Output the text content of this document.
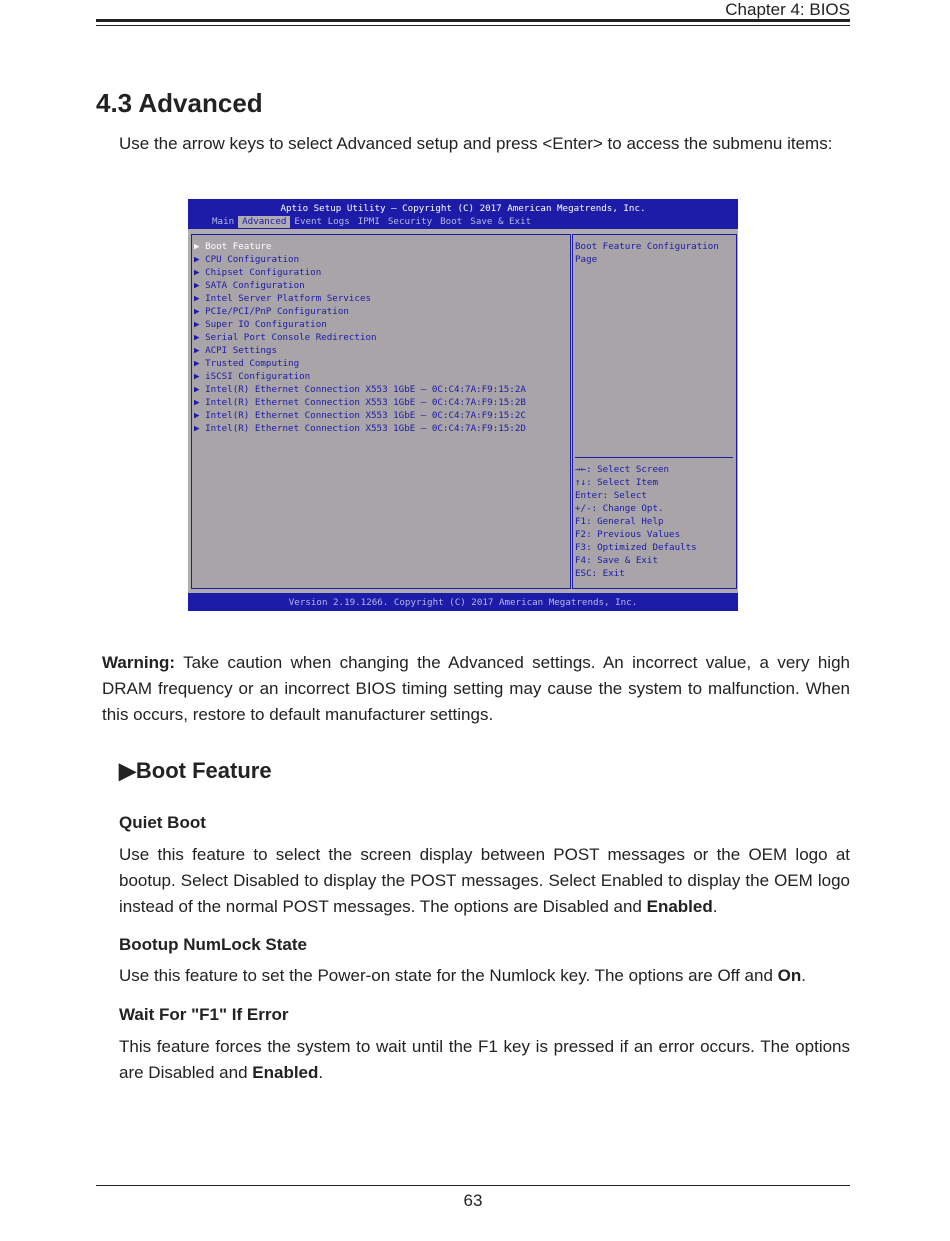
Chapter 4: BIOS
4.3 Advanced
Use the arrow keys to select Advanced setup and press <Enter> to access the submenu items:
Aptio Setup Utility – Copyright (C) 2017 American Megatrends, Inc.
Main Advanced Event Logs IPMI Security Boot Save & Exit
▶ Boot Feature
▶ CPU Configuration
▶ Chipset Configuration
▶ SATA Configuration
▶ Intel Server Platform Services
▶ PCIe/PCI/PnP Configuration
▶ Super IO Configuration
▶ Serial Port Console Redirection
▶ ACPI Settings
▶ Trusted Computing
▶ iSCSI Configuration
▶ Intel(R) Ethernet Connection X553 1GbE – 0C:C4:7A:F9:15:2A
▶ Intel(R) Ethernet Connection X553 1GbE – 0C:C4:7A:F9:15:2B
▶ Intel(R) Ethernet Connection X553 1GbE – 0C:C4:7A:F9:15:2C
▶ Intel(R) Ethernet Connection X553 1GbE – 0C:C4:7A:F9:15:2D
Boot Feature Configuration
Page
→←: Select Screen
↑↓: Select Item
Enter: Select
+/-: Change Opt.
F1: General Help
F2: Previous Values
F3: Optimized Defaults
F4: Save & Exit
ESC: Exit
Version 2.19.1266. Copyright (C) 2017 American Megatrends, Inc.
Warning: Take caution when changing the Advanced settings. An incorrect value, a very high DRAM frequency or an incorrect BIOS timing setting may cause the system to malfunction. When this occurs, restore to default manufacturer settings.
▶Boot Feature
Quiet Boot
Use this feature to select the screen display between POST messages or the OEM logo at bootup. Select Disabled to display the POST messages. Select Enabled to display the OEM logo instead of the normal POST messages. The options are Disabled and Enabled.
Bootup NumLock State
Use this feature to set the Power-on state for the Numlock key. The options are Off and On.
Wait For "F1" If Error
This feature forces the system to wait until the F1 key is pressed if an error occurs. The options are Disabled and Enabled.
63
